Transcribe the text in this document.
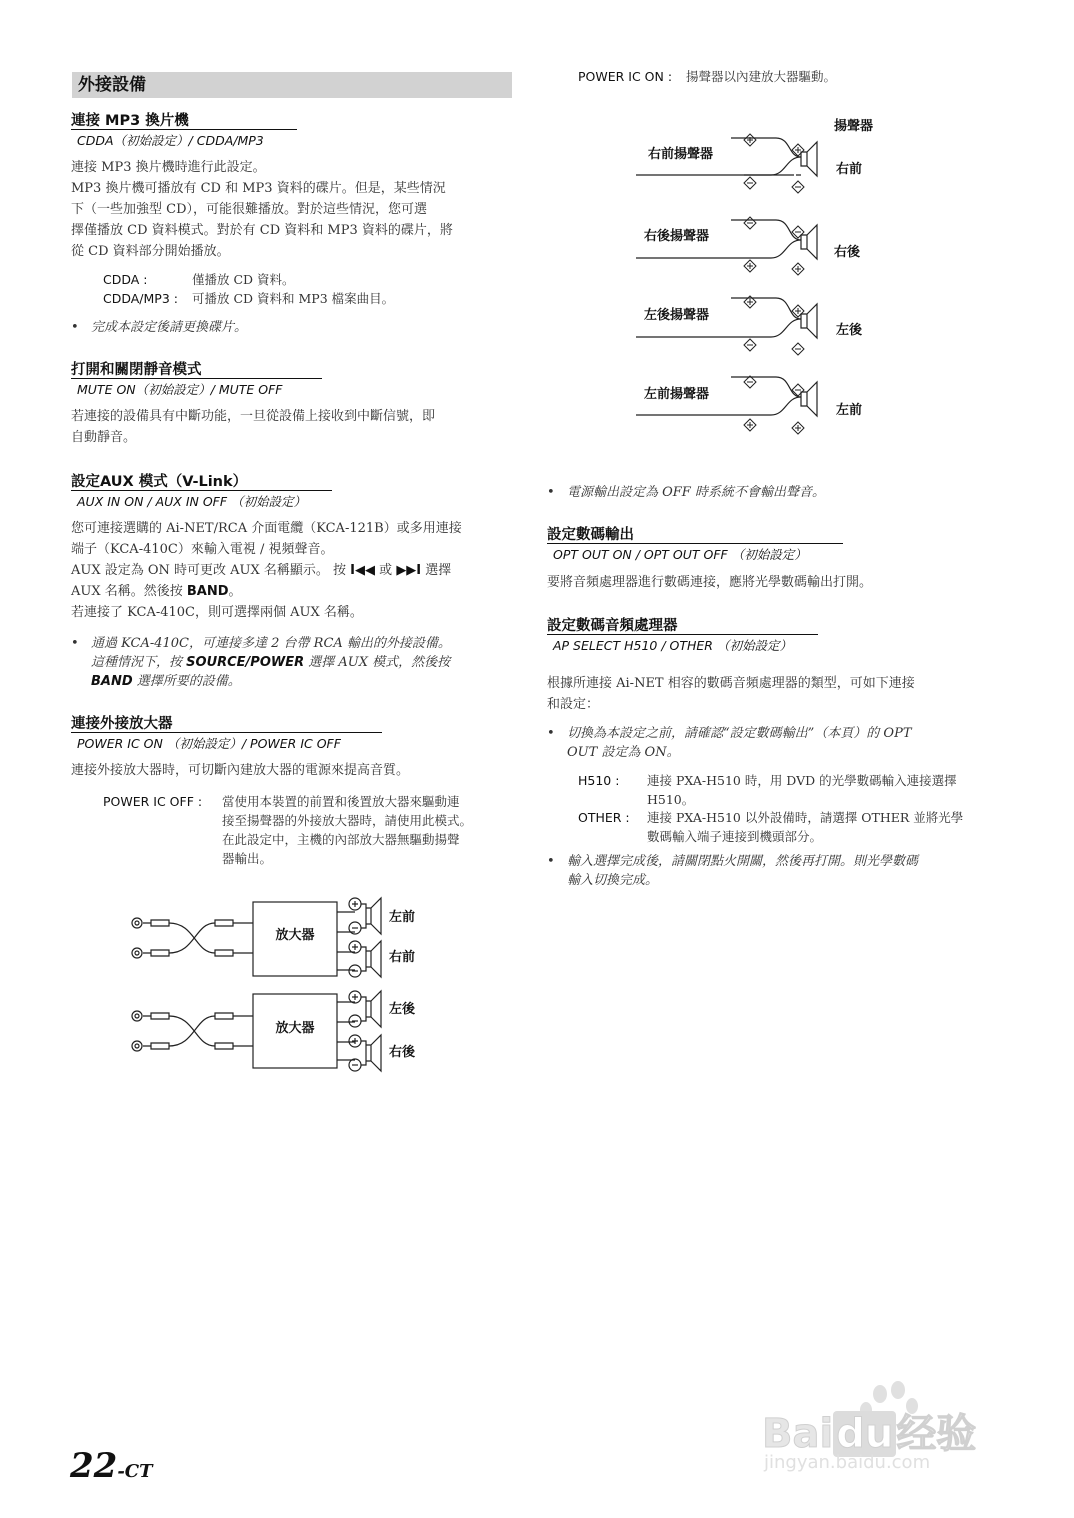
外接設備
連接 MP3 換片機
CDDA（初始設定）/ CDDA/MP3
連接 MP3 換片機時進行此設定。
MP3 換片機可播放有 CD 和 MP3 資料的碟片。但是，某些情況
下（一些加強型 CD），可能很難播放。對於這些情況，您可選
擇僅播放 CD 資料模式。對於有 CD 資料和 MP3 資料的碟片，將
從 CD 資料部分開始播放。
CDDA :	僅播放 CD 資料。
CDDA/MP3 : 可播放 CD 資料和 MP3 檔案曲目。
• 完成本設定後請更換碟片。
打開和關閉靜音模式
MUTE ON（初始設定）/ MUTE OFF
若連接的設備具有中斷功能，一旦從設備上接收到中斷信號，即
自動靜音。
設定AUX 模式（V-Link）
AUX IN ON / AUX IN OFF （初始設定）
您可連接選購的 Ai-NET/RCA 介面電纜（KCA-121B）或多用連接
端子（KCA-410C）來輸入電視 / 視頻聲音。
AUX 設定為 ON 時可更改 AUX 名稱顯示。 按 I◀◀ 或 ▶▶I 選擇
AUX 名稱。然後按 BAND。
若連接了 KCA-410C，則可選擇兩個 AUX 名稱。
• 通過 KCA-410C，可連接多達 2 台帶 RCA 輸出的外接設備。
這種情況下，按 SOURCE/POWER 選擇 AUX 模式，然後按
BAND 選擇所要的設備。
連接外接放大器
POWER IC ON （初始設定）/ POWER IC OFF
連接外接放大器時，可切斷內建放大器的電源來提高音質。
POWER IC OFF : 當使用本裝置的前置和後置放大器來驅動連
接至揚聲器的外接放大器時，請使用此模式。
在此設定中，主機的內部放大器無驅動揚聲
器輸出。
放大器
放大器
左前
右前
左後
右後
POWER IC ON : 揚聲器以內建放大器驅動。
揚聲器
右前揚聲器
右前
右後揚聲器
右後
左後揚聲器
左後
左前揚聲器
左前
• 電源輸出設定為 OFF 時系統不會輸出聲音。
設定數碼輸出
OPT OUT ON / OPT OUT OFF （初始設定）
要將音頻處理器進行數碼連接，應將光學數碼輸出打開。
設定數碼音頻處理器
AP SELECT H510 / OTHER （初始設定）
根據所連接 Ai-NET 相容的數碼音頻處理器的類型，可如下連接
和設定：
• 切換為本設定之前，請確認“設定數碼輸出”（本頁）的 OPT
OUT 設定為 ON。
H510 : 連接 PXA-H510 時，用 DVD 的光學數碼輸入連接選擇
H510。
OTHER : 連接 PXA-H510 以外設備時，請選擇 OTHER 並將光學
數碼輸入端子連接到機頭部分。
• 輸入選擇完成後，請關閉點火開關，然後再打開。則光學數碼
輸入切換完成。
22-CT
Baidu经验
jingyan.baidu.com
